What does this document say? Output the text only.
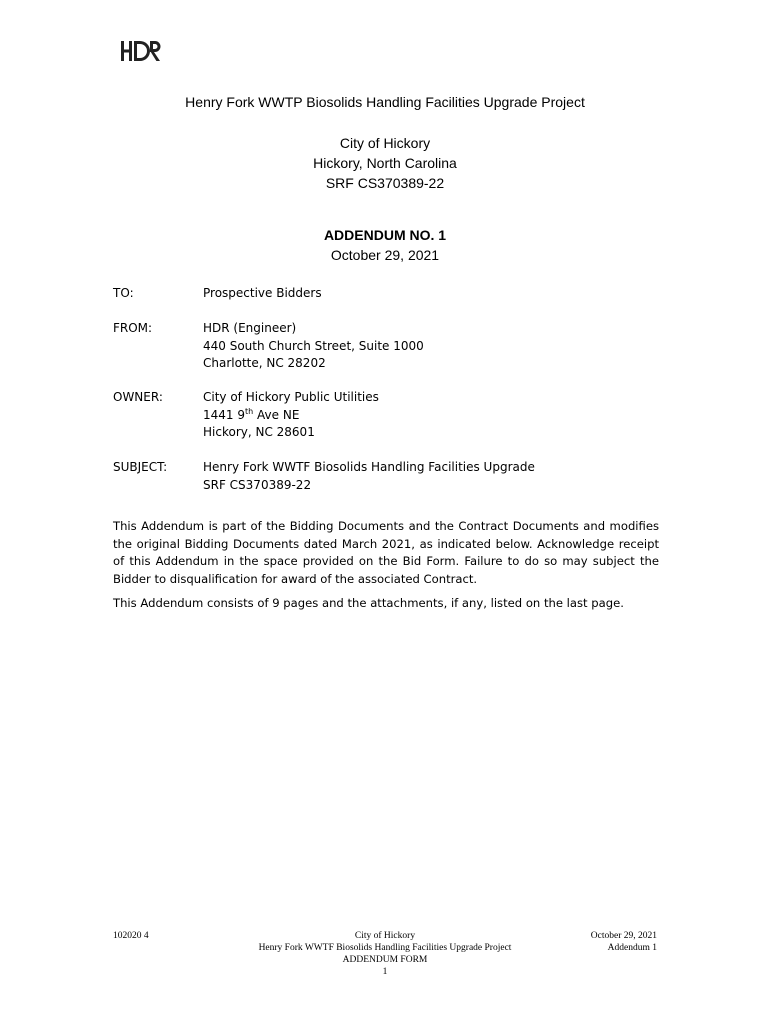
Henry Fork WWTP Biosolids Handling Facilities Upgrade Project
City of Hickory
Hickory, North Carolina
SRF CS370389-22
ADDENDUM NO. 1
October 29, 2021
TO:	Prospective Bidders
FROM:	HDR (Engineer)
440 South Church Street, Suite 1000
Charlotte, NC 28202
OWNER:	City of Hickory Public Utilities
1441 9th Ave NE
Hickory, NC 28601
SUBJECT:	Henry Fork WWTF Biosolids Handling Facilities Upgrade
SRF CS370389-22

This Addendum is part of the Bidding Documents and the Contract Documents and modifies the original Bidding Documents dated March 2021, as indicated below. Acknowledge receipt of this Addendum in the space provided on the Bid Form. Failure to do so may subject the Bidder to disqualification for award of the associated Contract.

This Addendum consists of 9 pages and the attachments, if any, listed on the last page.

102020 4	City of Hickory
Henry Fork WWTF Biosolids Handling Facilities Upgrade Project
ADDENDUM FORM
1
October 29, 2021
Addendum 1
